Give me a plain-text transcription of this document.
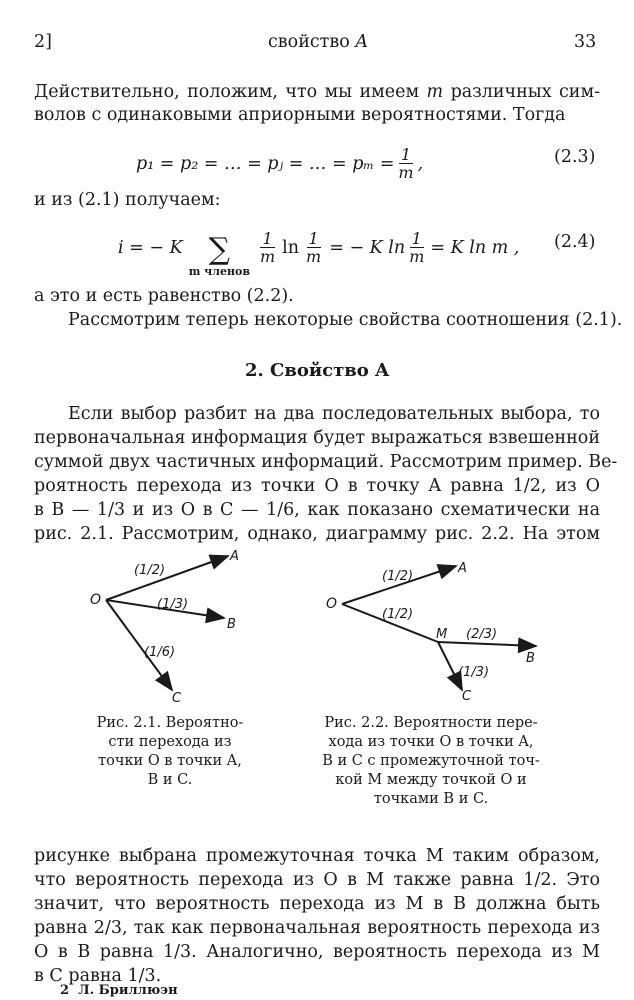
2]	свойство A	33
Действительно, положим, что мы имеем m различных сим-
волов с одинаковыми априорными вероятностями. Тогда
p₁ = p₂ = … = pⱼ = … = $p_m = \frac{1}{m}$ ,	(2.3)
и из (2.1) получаем:
i = − K ∑
m членов
$\frac{1}{m}$ $\ln \frac{1}{m}$ = − K $\ln \frac{1}{m} = K$ ln m , (2.4)
а это и есть равенство (2.2).
Рассмотрим теперь некоторые свойства соотношения (2.1).
2. Свойство A
Если выбор разбит на два последовательных выбора, то
первоначальная информация будет выражаться взвешенной
суммой двух частичных информаций. Рассмотрим пример. Ве-
роятность перехода из точки O в точку A равна 1/2, из O
в B — 1/3 и из O в C — 1/6, как показано схематически на
рис. 2.1. Рассмотрим, однако, диаграмму рис. 2.2. На этом
O
A
B
C
(1/2)
(1/3)
(1/6)
Рис. 2.1. Вероятно-
сти перехода из
точки O в точки A,
B и C.
O
A
M
B
C
(1/2)
(1/2)
(2/3)
(1/3)
Рис. 2.2. Вероятности пере-
хода из точки O в точки A,
B и C с промежуточной точ-
кой M между точкой O и
точками B и C.
рисунке выбрана промежуточная точка M таким образом,
что вероятность перехода из O в M также равна 1/2. Это
значит, что вероятность перехода из M в B должна быть
равна 2/3, так как первоначальная вероятность перехода из
O в B равна 1/3. Аналогично, вероятность перехода из M
в C равна 1/3.
2 Л. Бриллюэн
